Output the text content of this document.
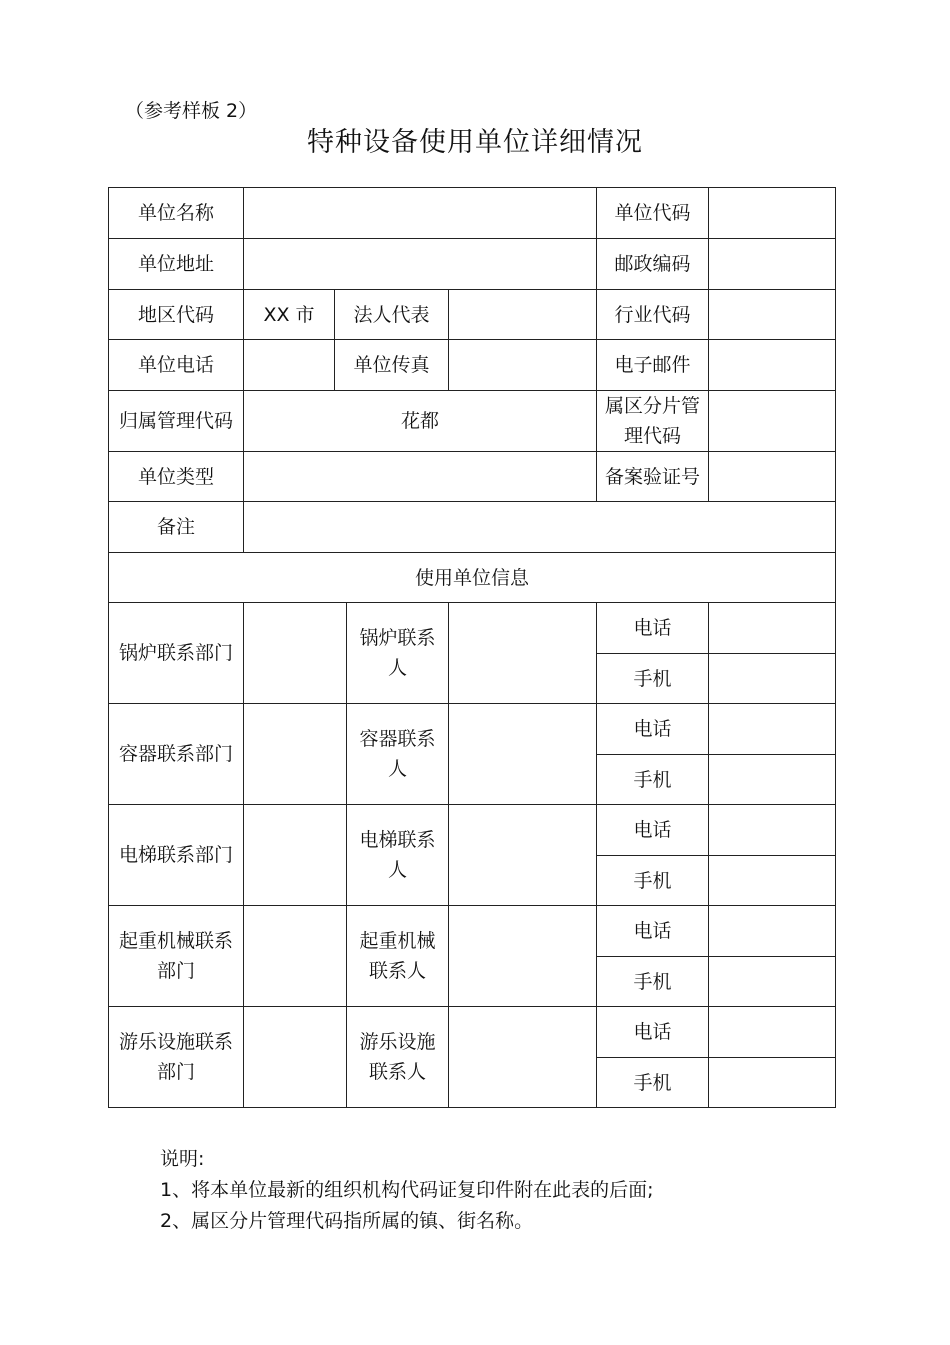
（参考样板 2）
特种设备使用单位详细情况
单位名称					单位代码	
单位地址					邮政编码	
地区代码	XX 市	法人代表			行业代码	
单位电话		单位传真			电子邮件	
归属管理代码	花都				属区分片管理代码	
单位类型					备案验证号	
备注						
使用单位信息						
锅炉联系部门			锅炉联系人		电话	
					手机	
容器联系部门			容器联系人		电话	
					手机	
电梯联系部门			电梯联系人		电话	
					手机	
起重机械联系部门			起重机械联系人		电话	
					手机	
游乐设施联系部门			游乐设施联系人		电话	
					手机	
说明:
1、将本单位最新的组织机构代码证复印件附在此表的后面;
2、属区分片管理代码指所属的镇、街名称。
